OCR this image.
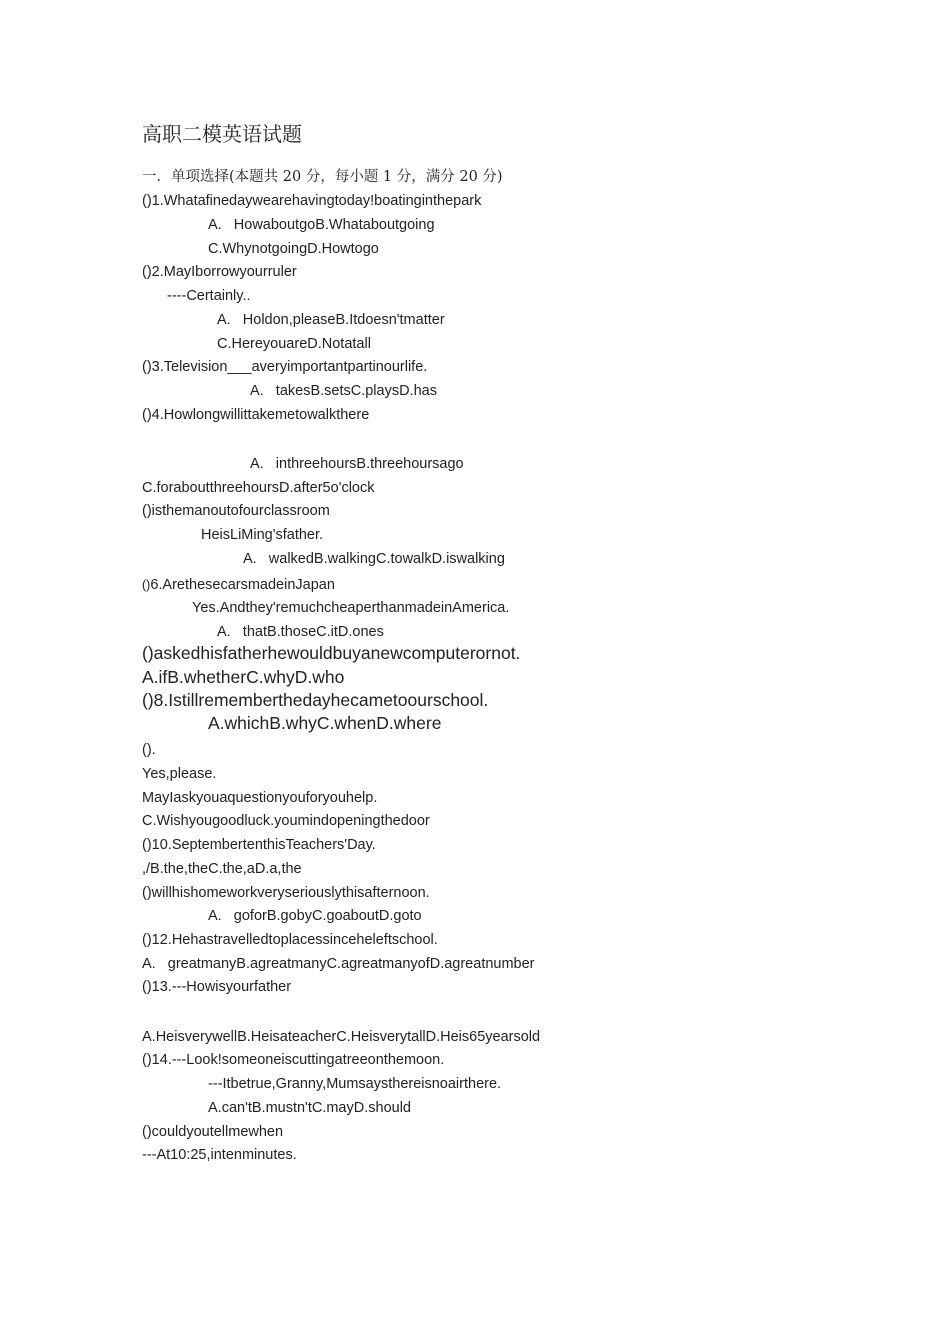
高职二模英语试题
一．单项选择(本题共 20 分，每小题 1 分，满分 20 分)
()1.Whatafinedaywearehavingtoday!boatinginthepark
A.   HowaboutgoB.Whataboutgoing
C.WhynotgoingD.Howtogo
()2.MayIborrowyourruler
----Certainly..
A.   Holdon,pleaseB.Itdoesn'tmatter
C.HereyouareD.Notatall
()3.Television___averyimportantpartinourlife.
A.   takesB.setsC.playsD.has
()4.Howlongwillittakemetowalkthere
A.   inthreehoursB.threehoursago
C.foraboutthreehoursD.after5o'clock
()isthemanoutofourclassroom
HeisLiMing'sfather.
A.   walkedB.walkingC.towalkD.iswalking
()6.ArethesecarsmadeinJapan
Yes.Andthey'remuchcheaperthanmadeinAmerica.
A.   thatB.thoseC.itD.ones
()askedhisfatherhewouldbuyanewcomputerornot.
A.ifB.whetherC.whyD.who
()8.Istillrememberthedayhecametoourschool.
A.whichB.whyC.whenD.where
().
Yes,please.
MayIaskyouaquestionyouforyouhelp.
C.Wishyougoodluck.youmindopeningthedoor
()10.SeptembertenthisTeachers'Day.
,/B.the,theC.the,aD.a,the
()willhishomeworkveryseriouslythisafternoon.
A.   goforB.gobyC.goaboutD.goto
()12.Hehastravelledtoplacessinceheleftschool.
A.   greatmanyB.agreatmanyC.agreatmanyofD.agreatnumber
()13.---Howisyourfather
A.HeisverywellB.HeisateacherC.HeisverytallD.Heis65yearsold
()14.---Look!someoneiscuttingatreeonthemoon.
---Itbetrue,Granny,Mumsaysthereisnoairthere.
A.can'tB.mustn'tC.mayD.should
()couldyoutellmewhen
---At10:25,intenminutes.
